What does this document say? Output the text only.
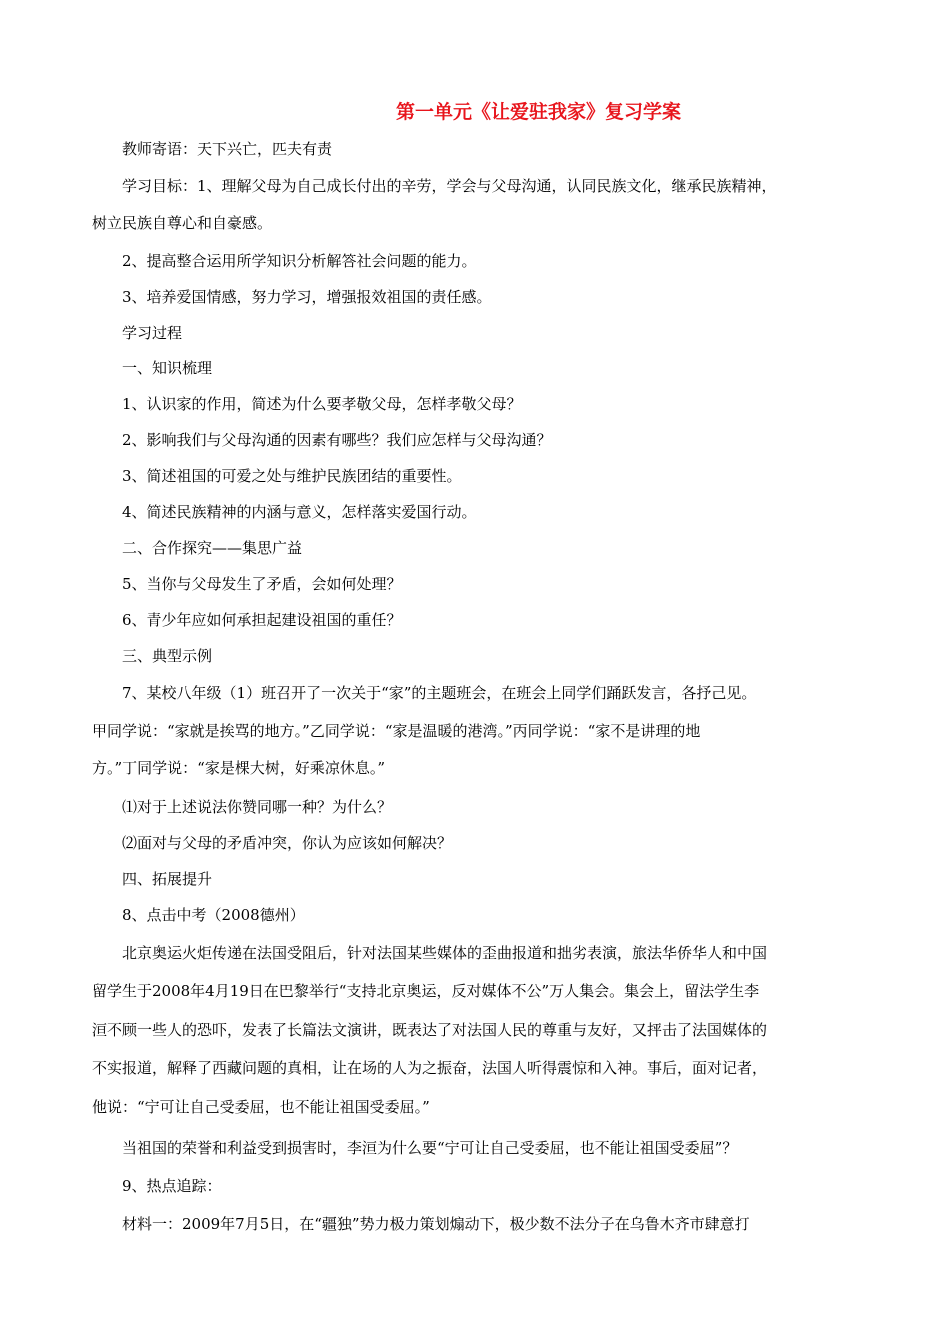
第一单元《让爱驻我家》复习学案
教师寄语：天下兴亡，匹夫有责
学习目标：1、理解父母为自己成长付出的辛劳，学会与父母沟通，认同民族文化，继承民族精神，
树立民族自尊心和自豪感。
2、提高整合运用所学知识分析解答社会问题的能力。
3、培养爱国情感，努力学习，增强报效祖国的责任感。
学习过程
一、知识梳理
1、认识家的作用，简述为什么要孝敬父母，怎样孝敬父母？
2、影响我们与父母沟通的因素有哪些？我们应怎样与父母沟通？
3、简述祖国的可爱之处与维护民族团结的重要性。
4、简述民族精神的内涵与意义，怎样落实爱国行动。
二、合作探究——集思广益
5、当你与父母发生了矛盾，会如何处理？
6、青少年应如何承担起建设祖国的重任？
三、典型示例
7、某校八年级（1）班召开了一次关于“家”的主题班会，在班会上同学们踊跃发言，各抒己见。
甲同学说：“家就是挨骂的地方。”乙同学说：“家是温暖的港湾。”丙同学说：“家不是讲理的地
方。”丁同学说：“家是棵大树，好乘凉休息。”
⑴对于上述说法你赞同哪一种？为什么？
⑵面对与父母的矛盾冲突，你认为应该如何解决？
四、拓展提升
8、点击中考（2008德州）
北京奥运火炬传递在法国受阻后，针对法国某些媒体的歪曲报道和拙劣表演，旅法华侨华人和中国
留学生于2008年4月19日在巴黎举行“支持北京奥运，反对媒体不公”万人集会。集会上，留法学生李
洹不顾一些人的恐吓，发表了长篇法文演讲，既表达了对法国人民的尊重与友好，又抨击了法国媒体的
不实报道，解释了西藏问题的真相，让在场的人为之振奋，法国人听得震惊和入神。事后，面对记者，
他说：“宁可让自己受委屈，也不能让祖国受委屈。”
当祖国的荣誉和利益受到损害时，李洹为什么要“宁可让自己受委屈，也不能让祖国受委屈”？
9、热点追踪：
材料一：2009年7月5日，在“疆独”势力极力策划煽动下，极少数不法分子在乌鲁木齐市肆意打
